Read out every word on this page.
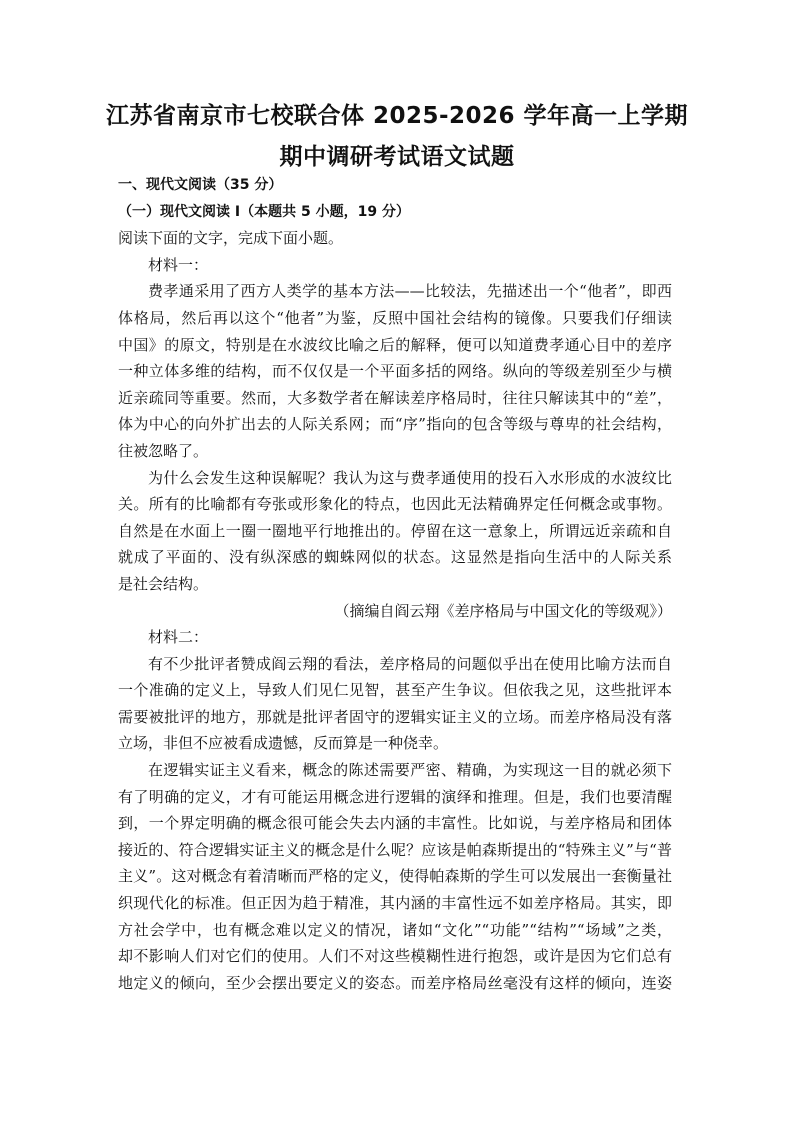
江苏省南京市七校联合体 2025-2026 学年高一上学期
期中调研考试语文试题
一、现代文阅读（35 分）
（一）现代文阅读 I（本题共 5 小题，19 分）
阅读下面的文字，完成下面小题。
材料一：
费孝通采用了西方人类学的基本方法——比较法，先描述出一个“他者”，即西
体格局，然后再以这个“他者”为鉴，反照中国社会结构的镜像。只要我们仔细读
中国》的原文，特别是在水波纹比喻之后的解释，便可以知道费孝通心目中的差序
一种立体多维的结构，而不仅仅是一个平面多括的网络。纵向的等级差别至少与横
近亲疏同等重要。然而，大多数学者在解读差序格局时，往往只解读其中的“差”，
体为中心的向外扩出去的人际关系网；而“序”指向的包含等级与尊卑的社会结构，
往被忽略了。
为什么会发生这种误解呢？我认为这与费孝通使用的投石入水形成的水波纹比
关。所有的比喻都有夸张或形象化的特点，也因此无法精确界定任何概念或事物。
自然是在水面上一圈一圈地平行地推出的。停留在这一意象上，所谓远近亲疏和自
就成了平面的、没有纵深感的蜘蛛网似的状态。这显然是指向生活中的人际关系
是社会结构。
（摘编自阎云翔《差序格局与中国文化的等级观》）
材料二：
有不少批评者赞成阎云翔的看法，差序格局的问题似乎出在使用比喻方法而自
一个准确的定义上，导致人们见仁见智，甚至产生争议。但依我之见，这些批评本
需要被批评的地方，那就是批评者固守的逻辑实证主义的立场。而差序格局没有落
立场，非但不应被看成遗憾，反而算是一种侥幸。
在逻辑实证主义看来，概念的陈述需要严密、精确，为实现这一目的就必须下
有了明确的定义，才有可能运用概念进行逻辑的演绎和推理。但是，我们也要清醒
到，一个界定明确的概念很可能会失去内涵的丰富性。比如说，与差序格局和团体
接近的、符合逻辑实证主义的概念是什么呢？应该是帕森斯提出的“特殊主义”与“普
主义”。这对概念有着清晰而严格的定义，使得帕森斯的学生可以发展出一套衡量社
织现代化的标准。但正因为趋于精准，其内涵的丰富性远不如差序格局。其实，即
方社会学中，也有概念难以定义的情况，诸如“文化”“功能”“结构”“场域”之类，
却不影响人们对它们的使用。人们不对这些模糊性进行抱怨，或许是因为它们总有
地定义的倾向，至少会摆出要定义的姿态。而差序格局丝毫没有这样的倾向，连姿
